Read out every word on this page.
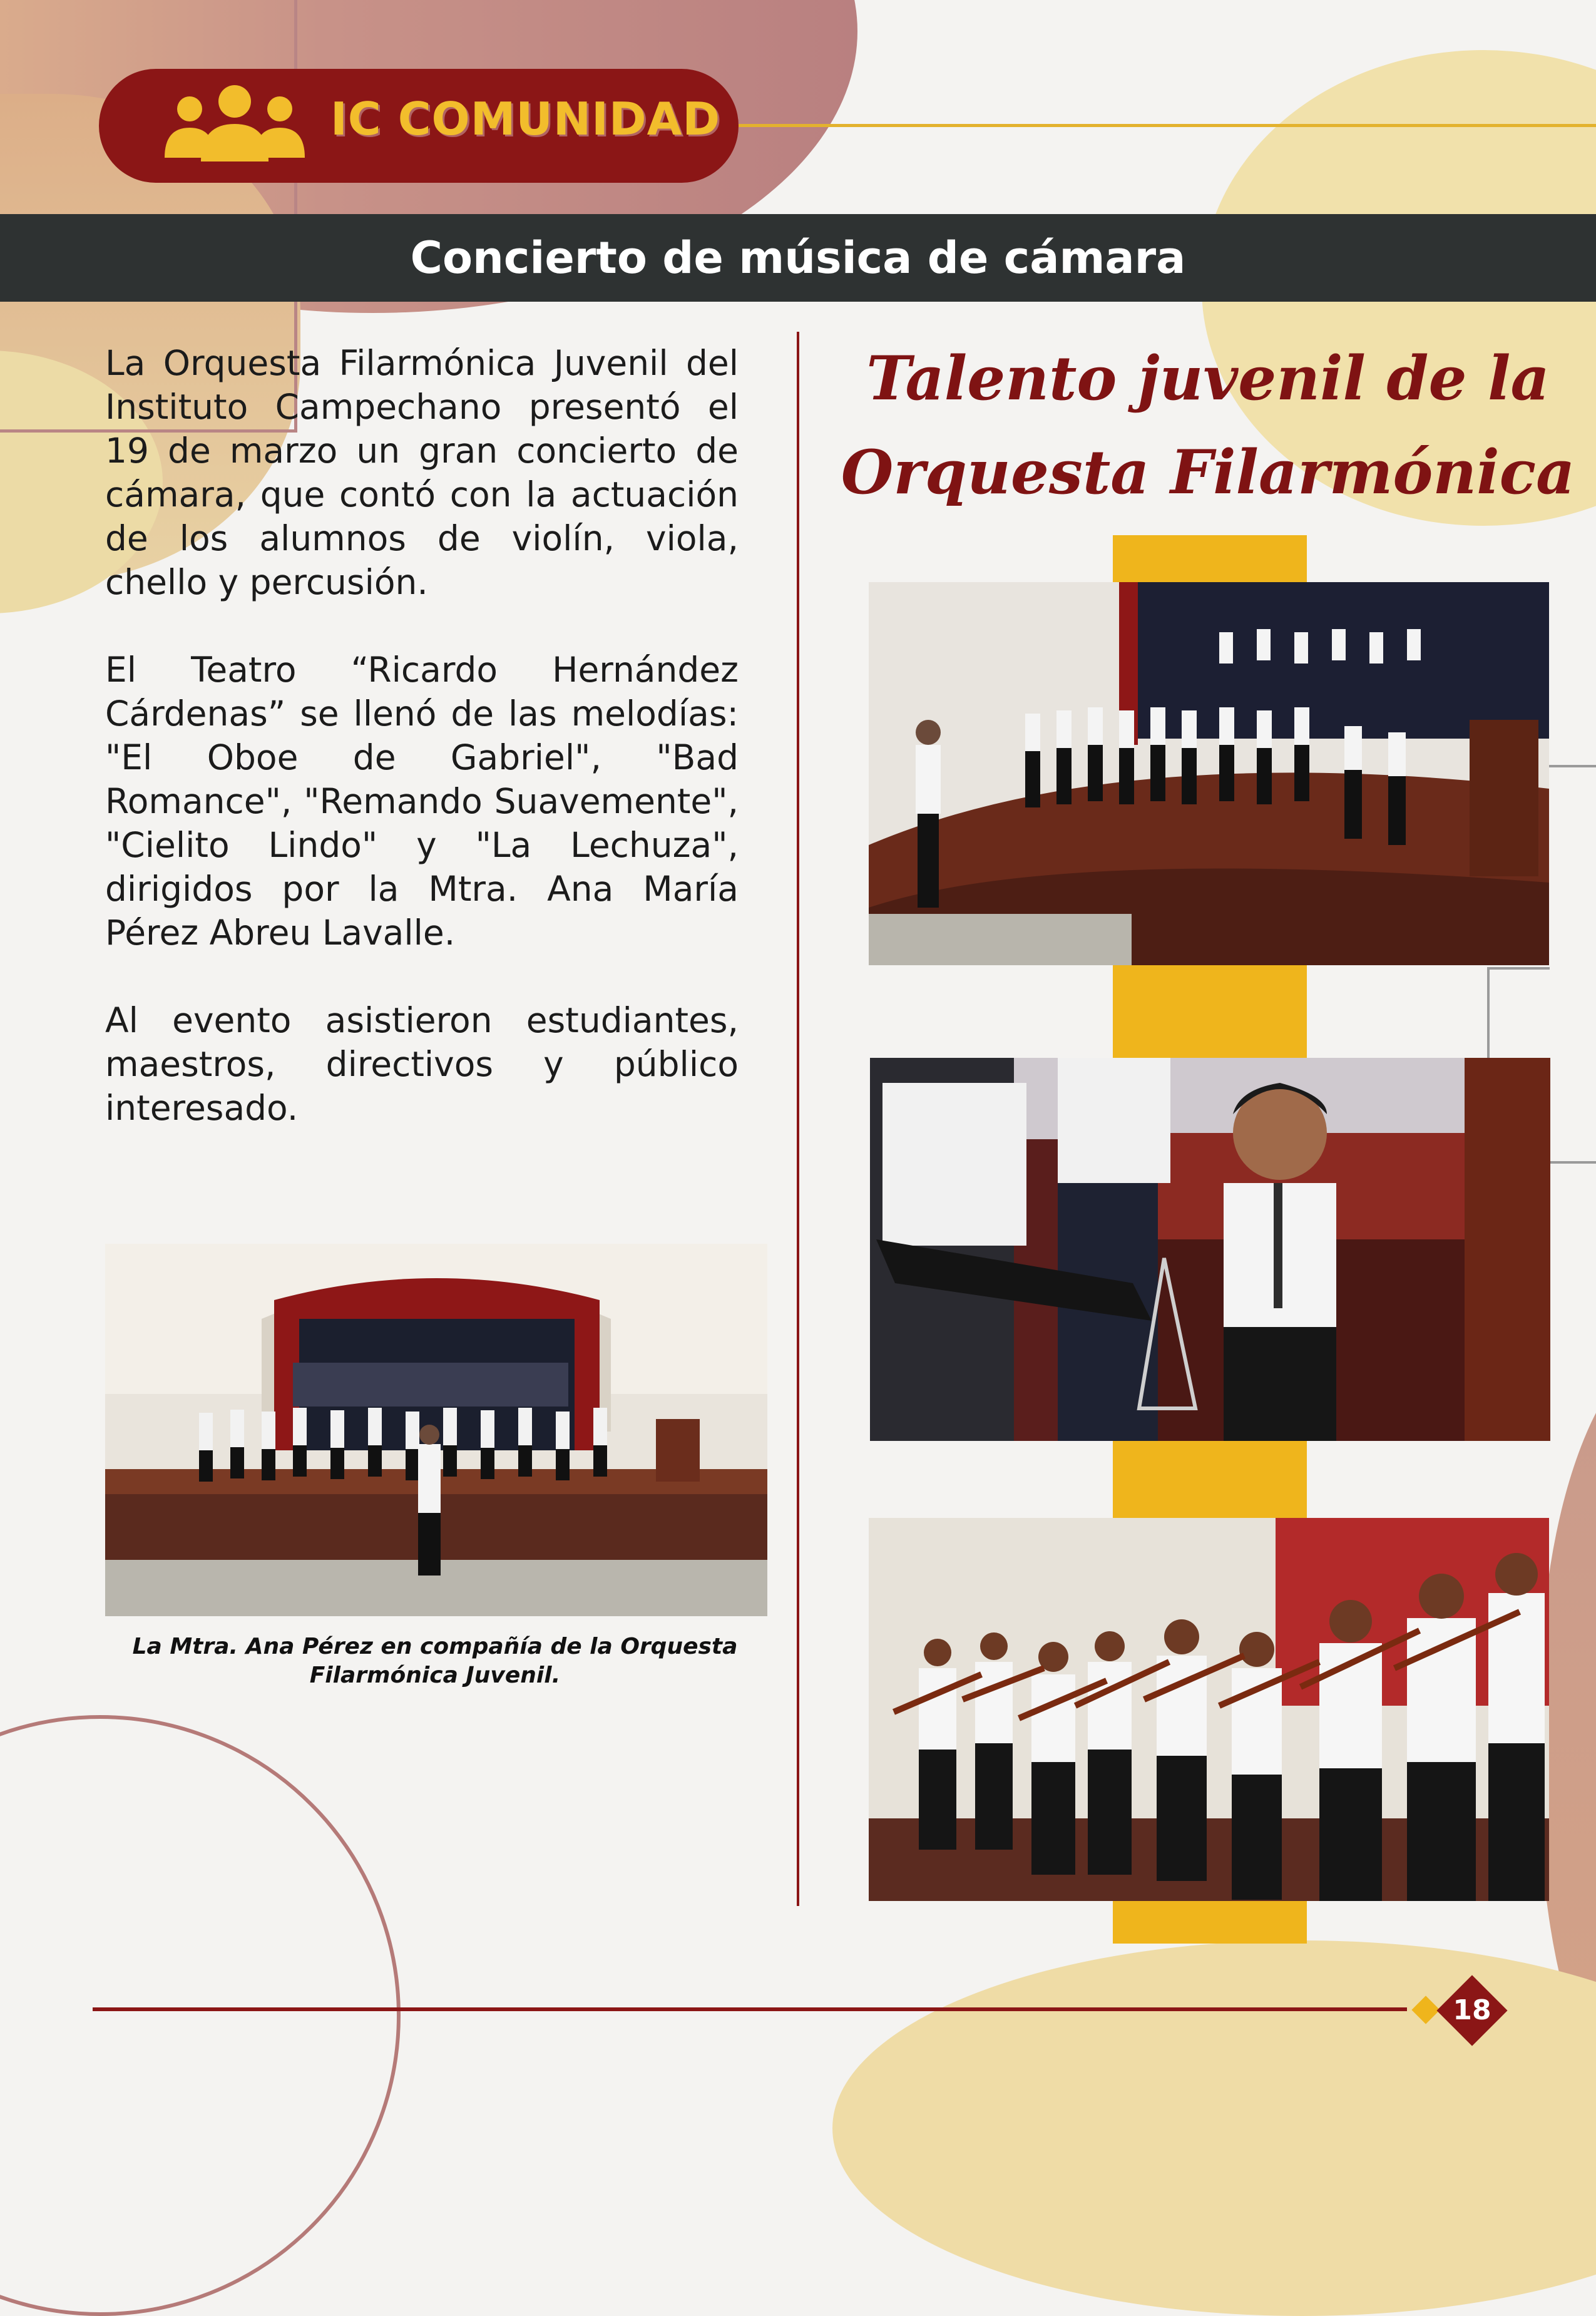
IC COMUNIDAD
Concierto de música de cámara

La Orquesta Filarmónica Juvenil del Instituto Campechano presentó el 19 de marzo un gran concierto de cámara, que contó con la actuación de los alumnos de violín, viola, chello y percusión.

El Teatro “Ricardo Hernández Cárdenas” se llenó de las melodías: "El Oboe de Gabriel", "Bad Romance", "Remando Suavemente", "Cielito Lindo" y "La Lechuza", dirigidos por la Mtra. Ana María Pérez Abreu Lavalle.

Al evento asistieron estudiantes, maestros, directivos y público interesado.

La Mtra. Ana Pérez en compañía de la Orquesta Filarmónica Juvenil.
Talento juvenil de la
Orquesta Filarmónica
18
